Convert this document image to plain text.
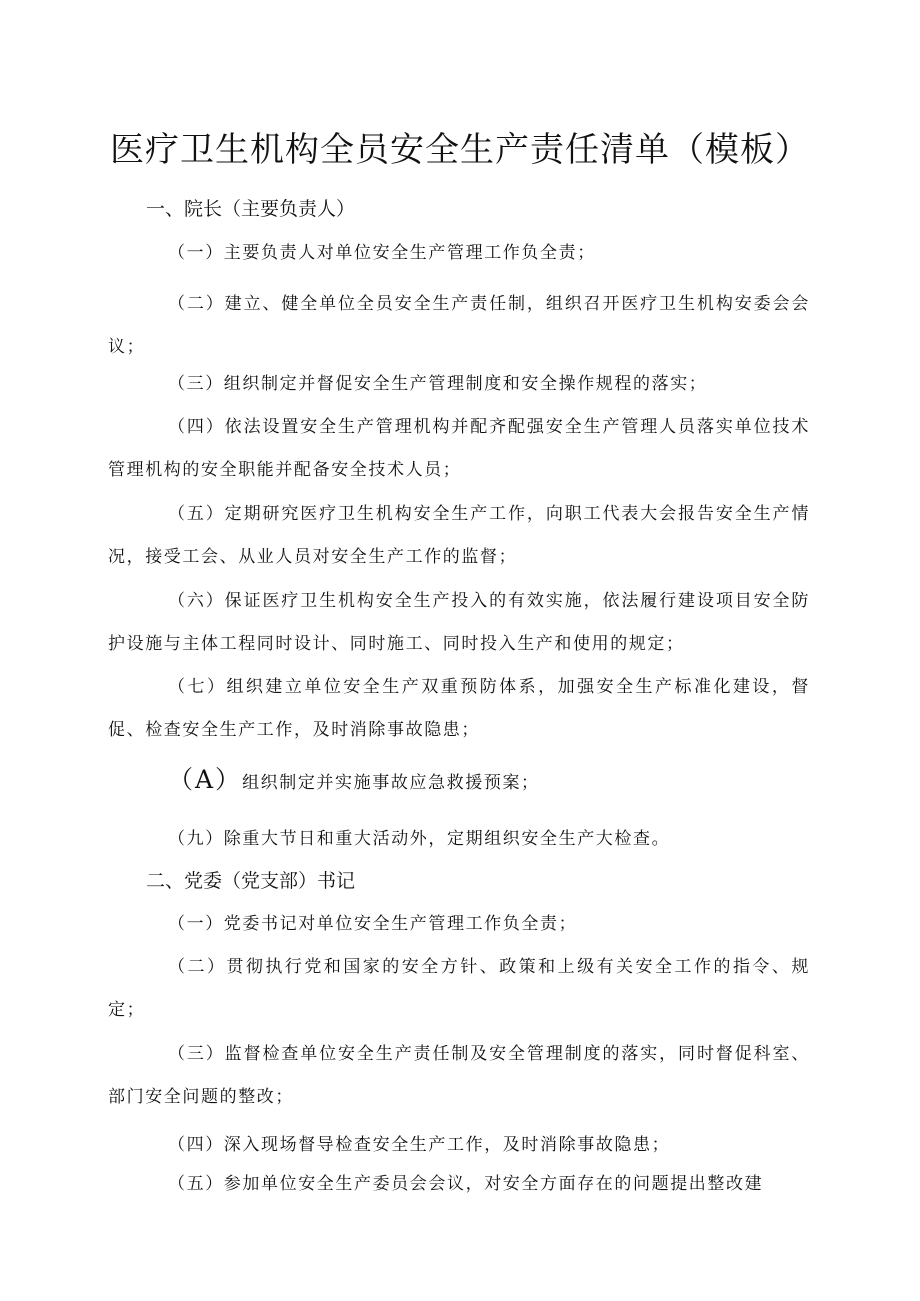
医疗卫生机构全员安全生产责任清单（模板）
一、院长（主要负责人）

（一）主要负责人对单位安全生产管理工作负全责；

（二）建立、健全单位全员安全生产责任制，组织召开医疗卫生机构安委会会议；

（三）组织制定并督促安全生产管理制度和安全操作规程的落实；

（四）依法设置安全生产管理机构并配齐配强安全生产管理人员落实单位技术管理机构的安全职能并配备安全技术人员；

（五）定期研究医疗卫生机构安全生产工作，向职工代表大会报告安全生产情况，接受工会、从业人员对安全生产工作的监督；

（六）保证医疗卫生机构安全生产投入的有效实施，依法履行建设项目安全防护设施与主体工程同时设计、同时施工、同时投入生产和使用的规定；

（七）组织建立单位安全生产双重预防体系，加强安全生产标准化建设，督促、检查安全生产工作，及时消除事故隐患；

（A）组织制定并实施事故应急救援预案；

（九）除重大节日和重大活动外，定期组织安全生产大检查。

二、党委（党支部）书记

（一）党委书记对单位安全生产管理工作负全责；

（二）贯彻执行党和国家的安全方针、政策和上级有关安全工作的指令、规定；

（三）监督检查单位安全生产责任制及安全管理制度的落实，同时督促科室、部门安全问题的整改；

（四）深入现场督导检查安全生产工作，及时消除事故隐患；

（五）参加单位安全生产委员会会议，对安全方面存在的问题提出整改建
